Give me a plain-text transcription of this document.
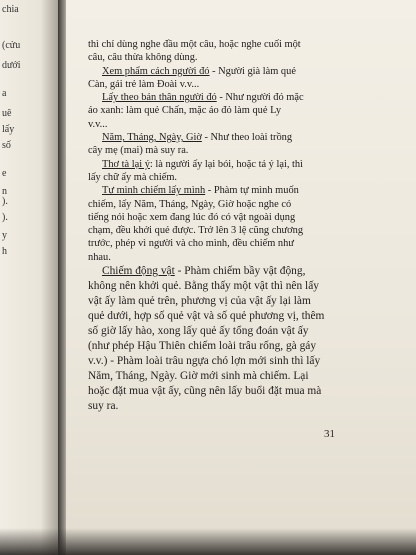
chia
(cửu
dưới
a
uê
lấy
số
e
n
).
).
y
h

thì chỉ dùng nghe đầu một câu, hoặc nghe cuối một

câu, câu thừa không dùng.

Xem phẩm cách người đó - Người già làm quẻ

Càn, gái trẻ làm Đoài v.v...

Lấy theo bản thân người đó - Như người đó mặc

áo xanh: làm quẻ Chấn, mặc áo đỏ làm quẻ Ly

v.v...

Năm, Tháng, Ngày, Giờ - Như theo loài trồng

cây mẹ (mai) mà suy ra.

Thơ tà lại ý: là người ấy lại bói, hoặc tả ý lại, thì

lấy chữ ấy mà chiếm.

Tự mình chiếm lấy mình - Phàm tự mình muốn

chiếm, lấy Năm, Tháng, Ngày, Giờ hoặc nghe có

tiếng nói hoặc xem đang lúc đó có vật ngoài dụng

chạm, đều khởi quẻ được. Trở lên 3 lệ cũng chương

trước, phép vì người và cho mình, đều chiếm như

nhau.

Chiếm động vật - Phàm chiếm bầy vật động,

không nên khởi quẻ. Bằng thấy một vật thì nên lấy

vật ấy làm quẻ trên, phương vị của vật ấy lại làm

quẻ dưới, hợp số quẻ vật và số quẻ phương vị, thêm

số giờ lấy hào, xong lấy quẻ ấy tổng đoán vật ấy

(như phép Hậu Thiên chiếm loài trâu rống, gà gáy

v.v.) - Phàm loài trâu ngựa chó lợn mới sinh thì lấy

Năm, Tháng, Ngày. Giờ mới sinh mà chiếm. Lại

hoặc đặt mua vật ấy, cũng nên lấy buổi đặt mua mà

suy ra.

31
